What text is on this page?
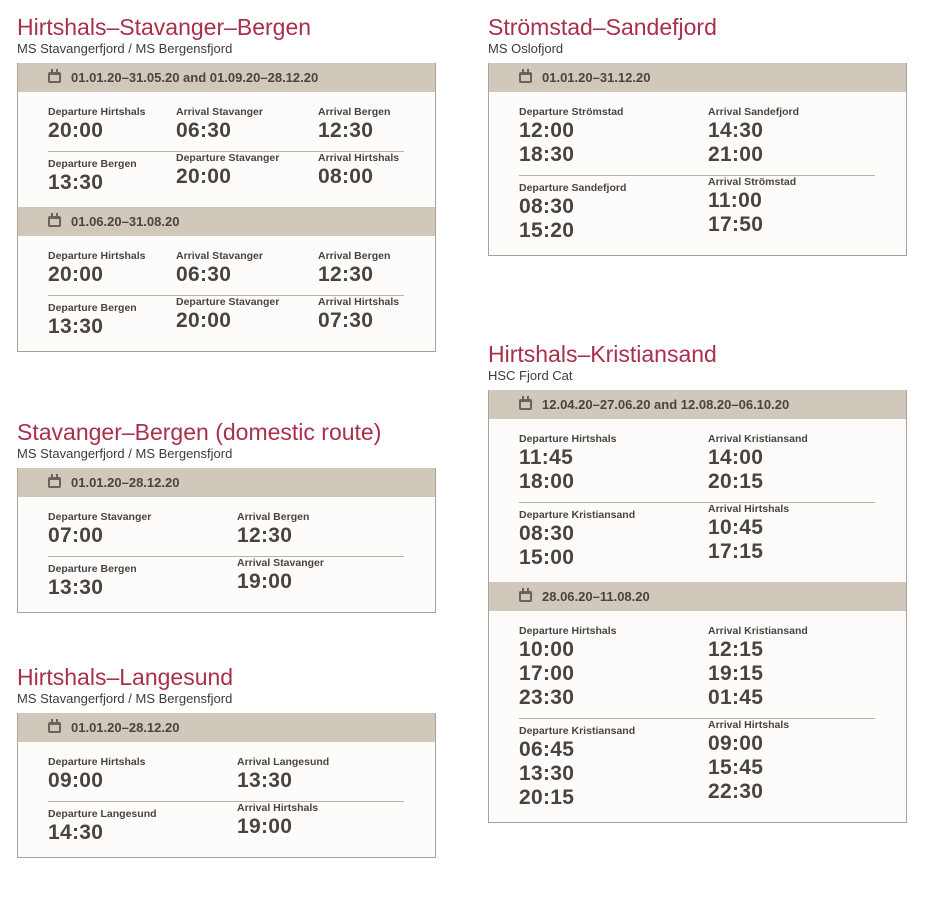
Hirtshals–Stavanger–Bergen
MS Stavangerfjord / MS Bergensfjord
01.01.20–31.05.20 and 01.09.20–28.12.20
Departure Hirtshals
20:00
Arrival Stavanger
06:30
Arrival Bergen
12:30
Departure Bergen
13:30
Departure Stavanger
20:00
Arrival Hirtshals
08:00
01.06.20–31.08.20
Departure Hirtshals
20:00
Arrival Stavanger
06:30
Arrival Bergen
12:30
Departure Bergen
13:30
Departure Stavanger
20:00
Arrival Hirtshals
07:30
Stavanger–Bergen (domestic route)
MS Stavangerfjord / MS Bergensfjord
01.01.20–28.12.20
Departure Stavanger
07:00
Arrival Bergen
12:30
Departure Bergen
13:30
Arrival Stavanger
19:00
Hirtshals–Langesund
MS Stavangerfjord / MS Bergensfjord
01.01.20–28.12.20
Departure Hirtshals
09:00
Arrival Langesund
13:30
Departure Langesund
14:30
Arrival Hirtshals
19:00
Strömstad–Sandefjord
MS Oslofjord
01.01.20–31.12.20
Departure Strömstad
12:00
18:30
Arrival Sandefjord
14:30
21:00
Departure Sandefjord
08:30
15:20
Arrival Strömstad
11:00
17:50
Hirtshals–Kristiansand
HSC Fjord Cat
12.04.20–27.06.20 and 12.08.20–06.10.20
Departure Hirtshals
11:45
18:00
Arrival Kristiansand
14:00
20:15
Departure Kristiansand
08:30
15:00
Arrival Hirtshals
10:45
17:15
28.06.20–11.08.20
Departure Hirtshals
10:00
17:00
23:30
Arrival Kristiansand
12:15
19:15
01:45
Departure Kristiansand
06:45
13:30
20:15
Arrival Hirtshals
09:00
15:45
22:30
